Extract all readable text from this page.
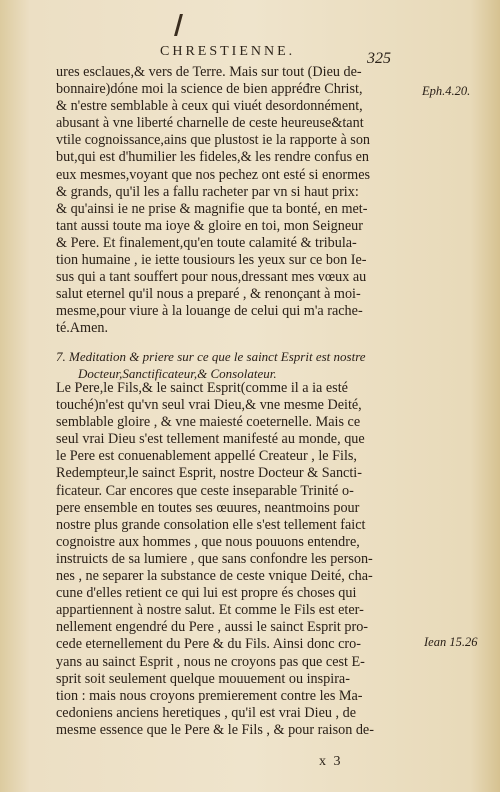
CHRESTIENNE.	325
Eph.4.20.
Iean 15.26
ures esclaues,& vers de Terre. Mais sur tout (Dieu de-
bonnaire)dóne moi la science de bien appréđre Christ,
& n'estre semblable à ceux qui viuét desordonnément,
abusant à vne liberté charnelle de ceste heureuse&tant
vtile cognoissance,ains que plustost ie la rapporte à son
but,qui est d'humilier les fideles,& les rendre confus en
eux mesmes,voyant que nos pechez ont esté si enormes
& grands, qu'il les a fallu racheter par vn si haut prix:
& qu'ainsi ie ne prise & magnifie que ta bonté, en met-
tant aussi toute ma ioye & gloire en toi, mon Seigneur
& Pere. Et finalement,qu'en toute calamité & tribula-
tion humaine , ie iette tousiours les yeux sur ce bon Ie-
sus qui a tant souffert pour nous,dressant mes vœux au
salut eternel qu'il nous a preparé , & renonçant à moi-
mesme,pour viure à la louange de celui qui m'a rache-
té.Amen.
7. Meditation & priere sur ce que le sainct Esprit est nostre
Docteur,Sanctificateur,& Consolateur.
Le Pere,le Fils,& le sainct Esprit(comme il a ia esté
touché)n'est qu'vn seul vrai Dieu,& vne mesme Deité,
semblable gloire , & vne maiesté coeternelle. Mais ce
seul vrai Dieu s'est tellement manifesté au monde, que
le Pere est conuenablement appellé Createur , le Fils,
Redempteur,le sainct Esprit, nostre Docteur & Sancti-
ficateur. Car encores que ceste inseparable Trinité o-
pere ensemble en toutes ses œuures, neantmoins pour
nostre plus grande consolation elle s'est tellement faict
cognoistre aux hommes , que nous pouuons entendre,
instruicts de sa lumiere , que sans confondre les person-
nes , ne separer la substance de ceste vnique Deité, cha-
cune d'elles retient ce qui lui est propre és choses qui
appartiennent à nostre salut. Et comme le Fils est eter-
nellement engendré du Pere , aussi le sainct Esprit pro-
cede eternellement du Pere & du Fils. Ainsi donc cro-
yans au sainct Esprit , nous ne croyons pas que cest E-
sprit soit seulement quelque mouuement ou inspira-
tion : mais nous croyons premierement contre les Ma-
cedoniens anciens heretiques , qu'il est vrai Dieu , de
mesme essence que le Pere & le Fils , & pour raison de-
x 3
